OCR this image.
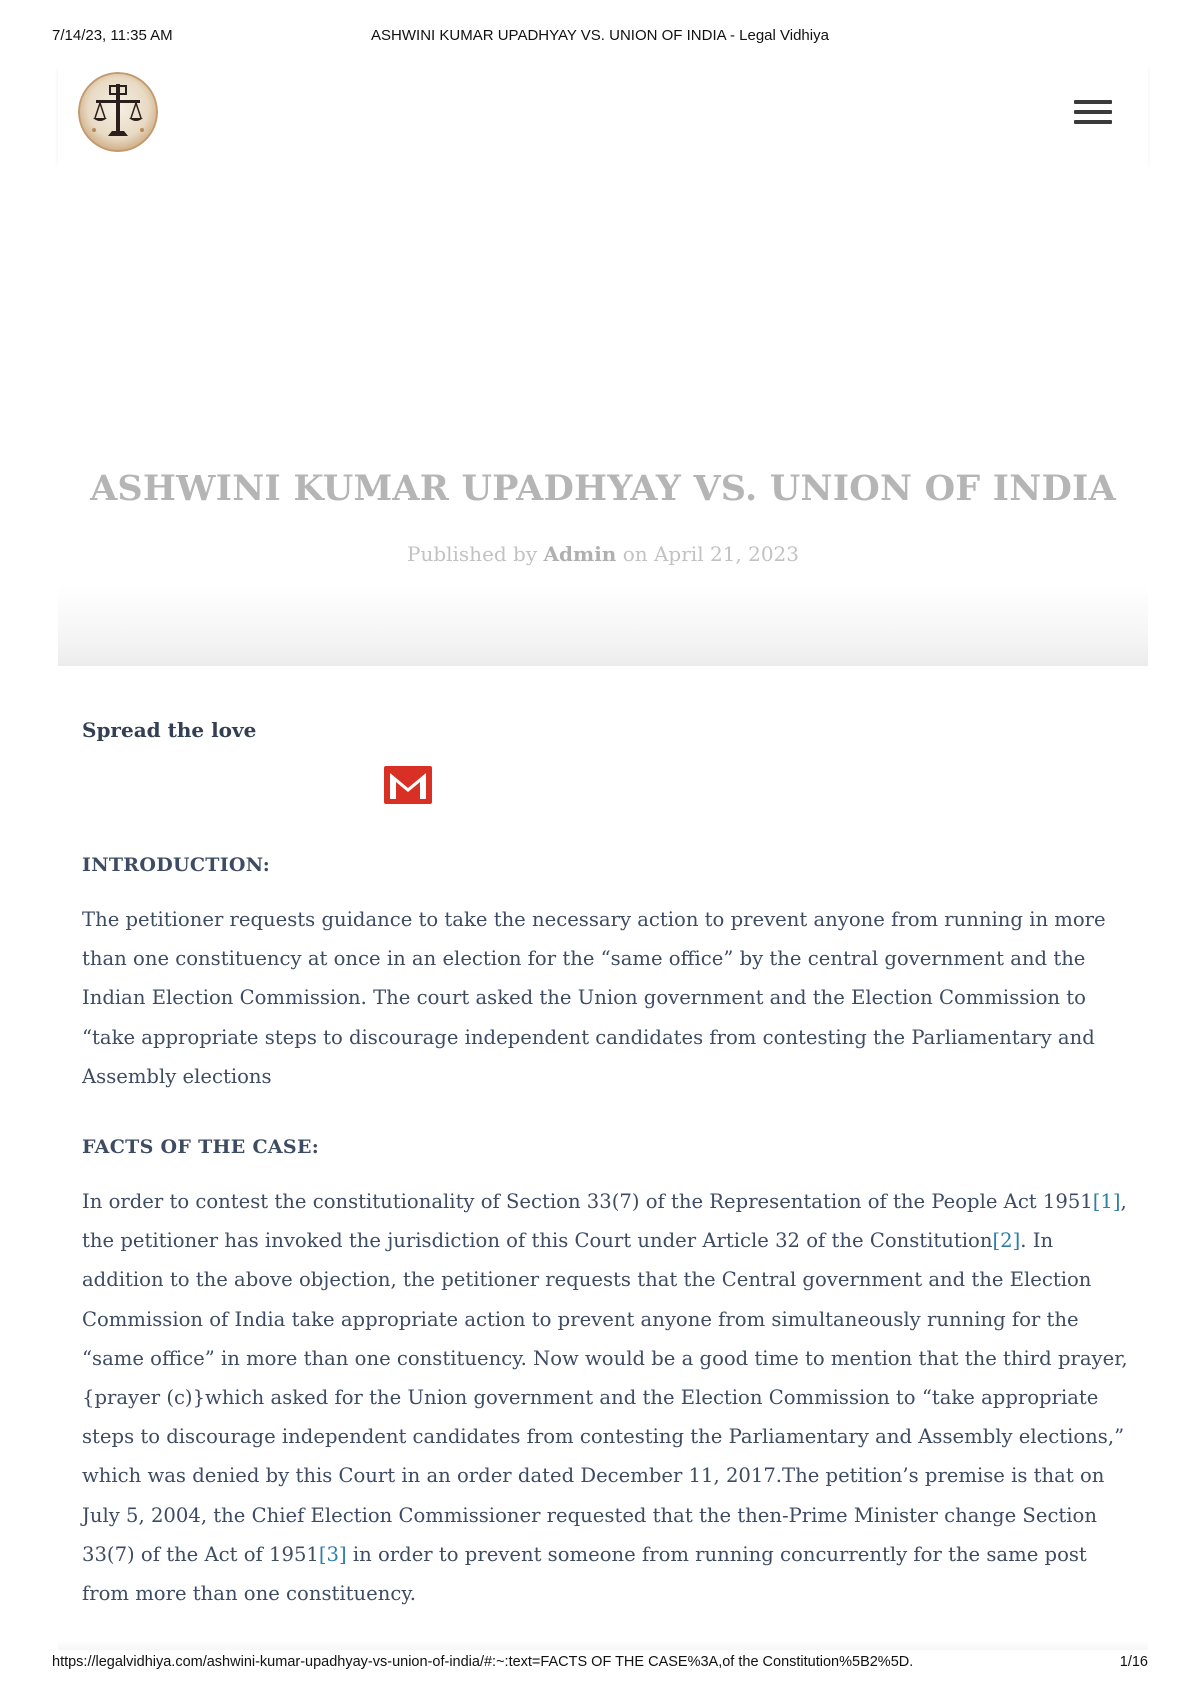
7/14/23, 11:35 AM	ASHWINI KUMAR UPADHYAY VS. UNION OF INDIA - Legal Vidhiya
ASHWINI KUMAR UPADHYAY VS. UNION OF INDIA
Published by Admin on April 21, 2023

Spread the love

INTRODUCTION:

The petitioner requests guidance to take the necessary action to prevent anyone from running in more than one constituency at once in an election for the “same office” by the central government and the Indian Election Commission. The court asked the Union government and the Election Commission to “take appropriate steps to discourage independent candidates from contesting the Parliamentary and Assembly elections

FACTS OF THE CASE:

In order to contest the constitutionality of Section 33(7) of the Representation of the People Act 1951[1], the petitioner has invoked the jurisdiction of this Court under Article 32 of the Constitution[2]. In addition to the above objection, the petitioner requests that the Central government and the Election Commission of India take appropriate action to prevent anyone from simultaneously running for the “same office” in more than one constituency. Now would be a good time to mention that the third prayer, {prayer (c)}which asked for the Union government and the Election Commission to “take appropriate steps to discourage independent candidates from contesting the Parliamentary and Assembly elections,” which was denied by this Court in an order dated December 11, 2017.The petition’s premise is that on July 5, 2004, the Chief Election Commissioner requested that the then-Prime Minister change Section 33(7) of the Act of 1951[3] in order to prevent someone from running concurrently for the same post from more than one constituency.

https://legalvidhiya.com/ashwini-kumar-upadhyay-vs-union-of-india/#:~:text=FACTS OF THE CASE%3A,of the Constitution%5B2%5D.	1/16
